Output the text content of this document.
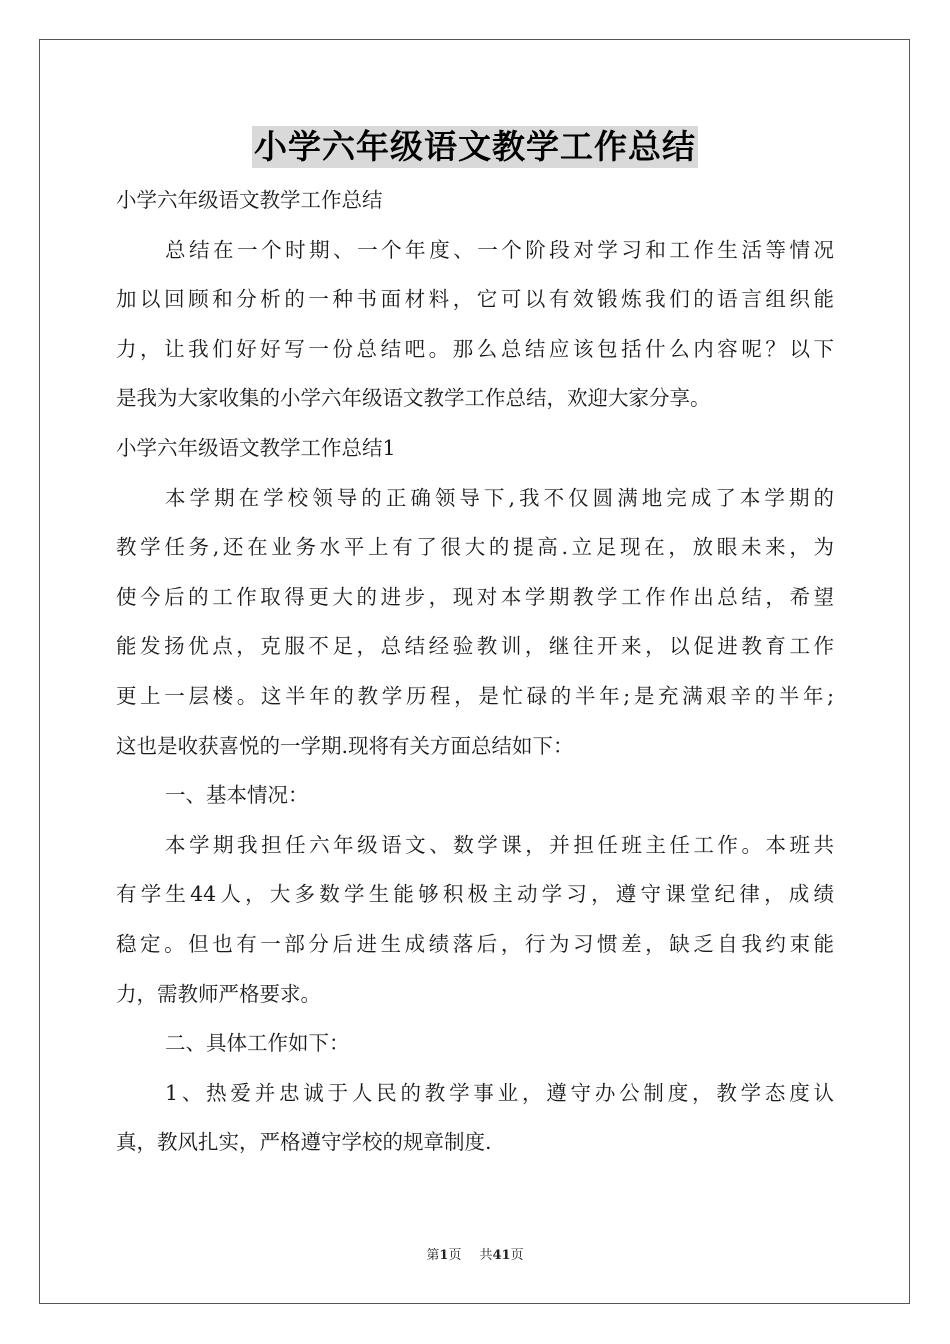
小学六年级语文教学工作总结
小学六年级语文教学工作总结
总结在一个时期、一个年度、一个阶段对学习和工作生活等情况
加以回顾和分析的一种书面材料，它可以有效锻炼我们的语言组织能
力，让我们好好写一份总结吧。那么总结应该包括什么内容呢？以下
是我为大家收集的小学六年级语文教学工作总结，欢迎大家分享。
小学六年级语文教学工作总结1
本学期在学校领导的正确领导下,我不仅圆满地完成了本学期的
教学任务,还在业务水平上有了很大的提高.立足现在，放眼未来，为
使今后的工作取得更大的进步，现对本学期教学工作作出总结，希望
能发扬优点，克服不足，总结经验教训，继往开来，以促进教育工作
更上一层楼。这半年的教学历程，是忙碌的半年;是充满艰辛的半年;
这也是收获喜悦的一学期.现将有关方面总结如下：
一、基本情况：
本学期我担任六年级语文、数学课，并担任班主任工作。本班共
有学生44人，大多数学生能够积极主动学习，遵守课堂纪律，成绩
稳定。但也有一部分后进生成绩落后，行为习惯差，缺乏自我约束能
力，需教师严格要求。
二、具体工作如下：
1、热爱并忠诚于人民的教学事业，遵守办公制度，教学态度认
真，教风扎实，严格遵守学校的规章制度.
第1页 共41页
